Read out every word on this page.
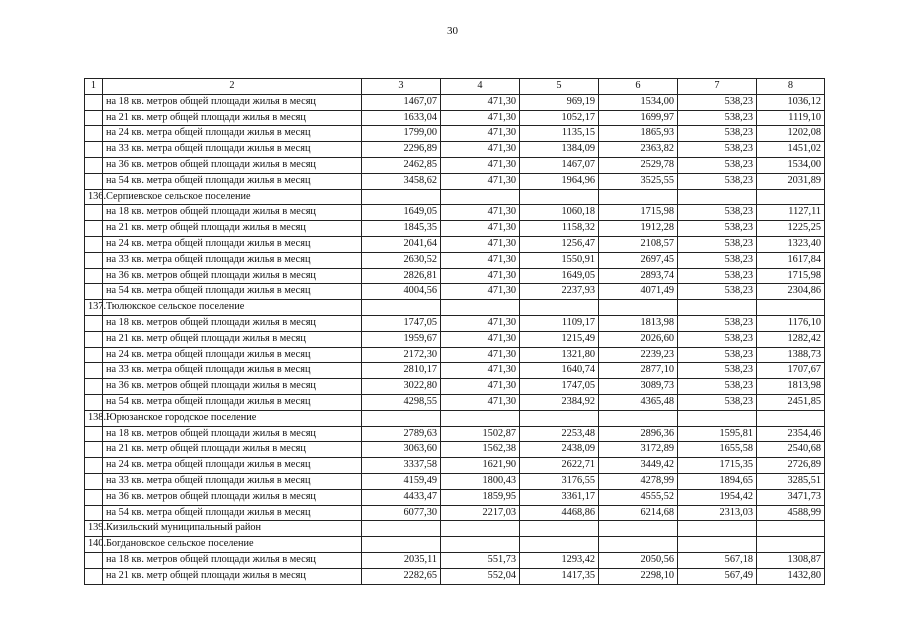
30
1	2	3	4	5	6	7	8
	на 18 кв. метров общей площади жилья в месяц	1467,07	471,30	969,19	1534,00	538,23	1036,12
	на 21 кв. метр общей площади жилья в месяц	1633,04	471,30	1052,17	1699,97	538,23	1119,10
	на 24 кв. метра общей площади жилья в месяц	1799,00	471,30	1135,15	1865,93	538,23	1202,08
	на 33 кв. метра общей площади жилья в месяц	2296,89	471,30	1384,09	2363,82	538,23	1451,02
	на 36 кв. метров общей площади жилья в месяц	2462,85	471,30	1467,07	2529,78	538,23	1534,00
	на 54 кв. метра общей площади жилья в месяц	3458,62	471,30	1964,96	3525,55	538,23	2031,89
136.	Серпиевское сельское поселение						
	на 18 кв. метров общей площади жилья в месяц	1649,05	471,30	1060,18	1715,98	538,23	1127,11
	на 21 кв. метр общей площади жилья в месяц	1845,35	471,30	1158,32	1912,28	538,23	1225,25
	на 24 кв. метра общей площади жилья в месяц	2041,64	471,30	1256,47	2108,57	538,23	1323,40
	на 33 кв. метра общей площади жилья в месяц	2630,52	471,30	1550,91	2697,45	538,23	1617,84
	на 36 кв. метров общей площади жилья в месяц	2826,81	471,30	1649,05	2893,74	538,23	1715,98
	на 54 кв. метра общей площади жилья в месяц	4004,56	471,30	2237,93	4071,49	538,23	2304,86
137.	Тюлюкское сельское поселение						
	на 18 кв. метров общей площади жилья в месяц	1747,05	471,30	1109,17	1813,98	538,23	1176,10
	на 21 кв. метр общей площади жилья в месяц	1959,67	471,30	1215,49	2026,60	538,23	1282,42
	на 24 кв. метра общей площади жилья в месяц	2172,30	471,30	1321,80	2239,23	538,23	1388,73
	на 33 кв. метра общей площади жилья в месяц	2810,17	471,30	1640,74	2877,10	538,23	1707,67
	на 36 кв. метров общей площади жилья в месяц	3022,80	471,30	1747,05	3089,73	538,23	1813,98
	на 54 кв. метра общей площади жилья в месяц	4298,55	471,30	2384,92	4365,48	538,23	2451,85
138.	Юрюзанское городское поселение						
	на 18 кв. метров общей площади жилья в месяц	2789,63	1502,87	2253,48	2896,36	1595,81	2354,46
	на 21 кв. метр общей площади жилья в месяц	3063,60	1562,38	2438,09	3172,89	1655,58	2540,68
	на 24 кв. метра общей площади жилья в месяц	3337,58	1621,90	2622,71	3449,42	1715,35	2726,89
	на 33 кв. метра общей площади жилья в месяц	4159,49	1800,43	3176,55	4278,99	1894,65	3285,51
	на 36 кв. метров общей площади жилья в месяц	4433,47	1859,95	3361,17	4555,52	1954,42	3471,73
	на 54 кв. метра общей площади жилья в месяц	6077,30	2217,03	4468,86	6214,68	2313,03	4588,99
139.	Кизильский муниципальный район						
140.	Богдановское сельское поселение						
	на 18 кв. метров общей площади жилья в месяц	2035,11	551,73	1293,42	2050,56	567,18	1308,87
	на 21 кв. метр общей площади жилья в месяц	2282,65	552,04	1417,35	2298,10	567,49	1432,80
